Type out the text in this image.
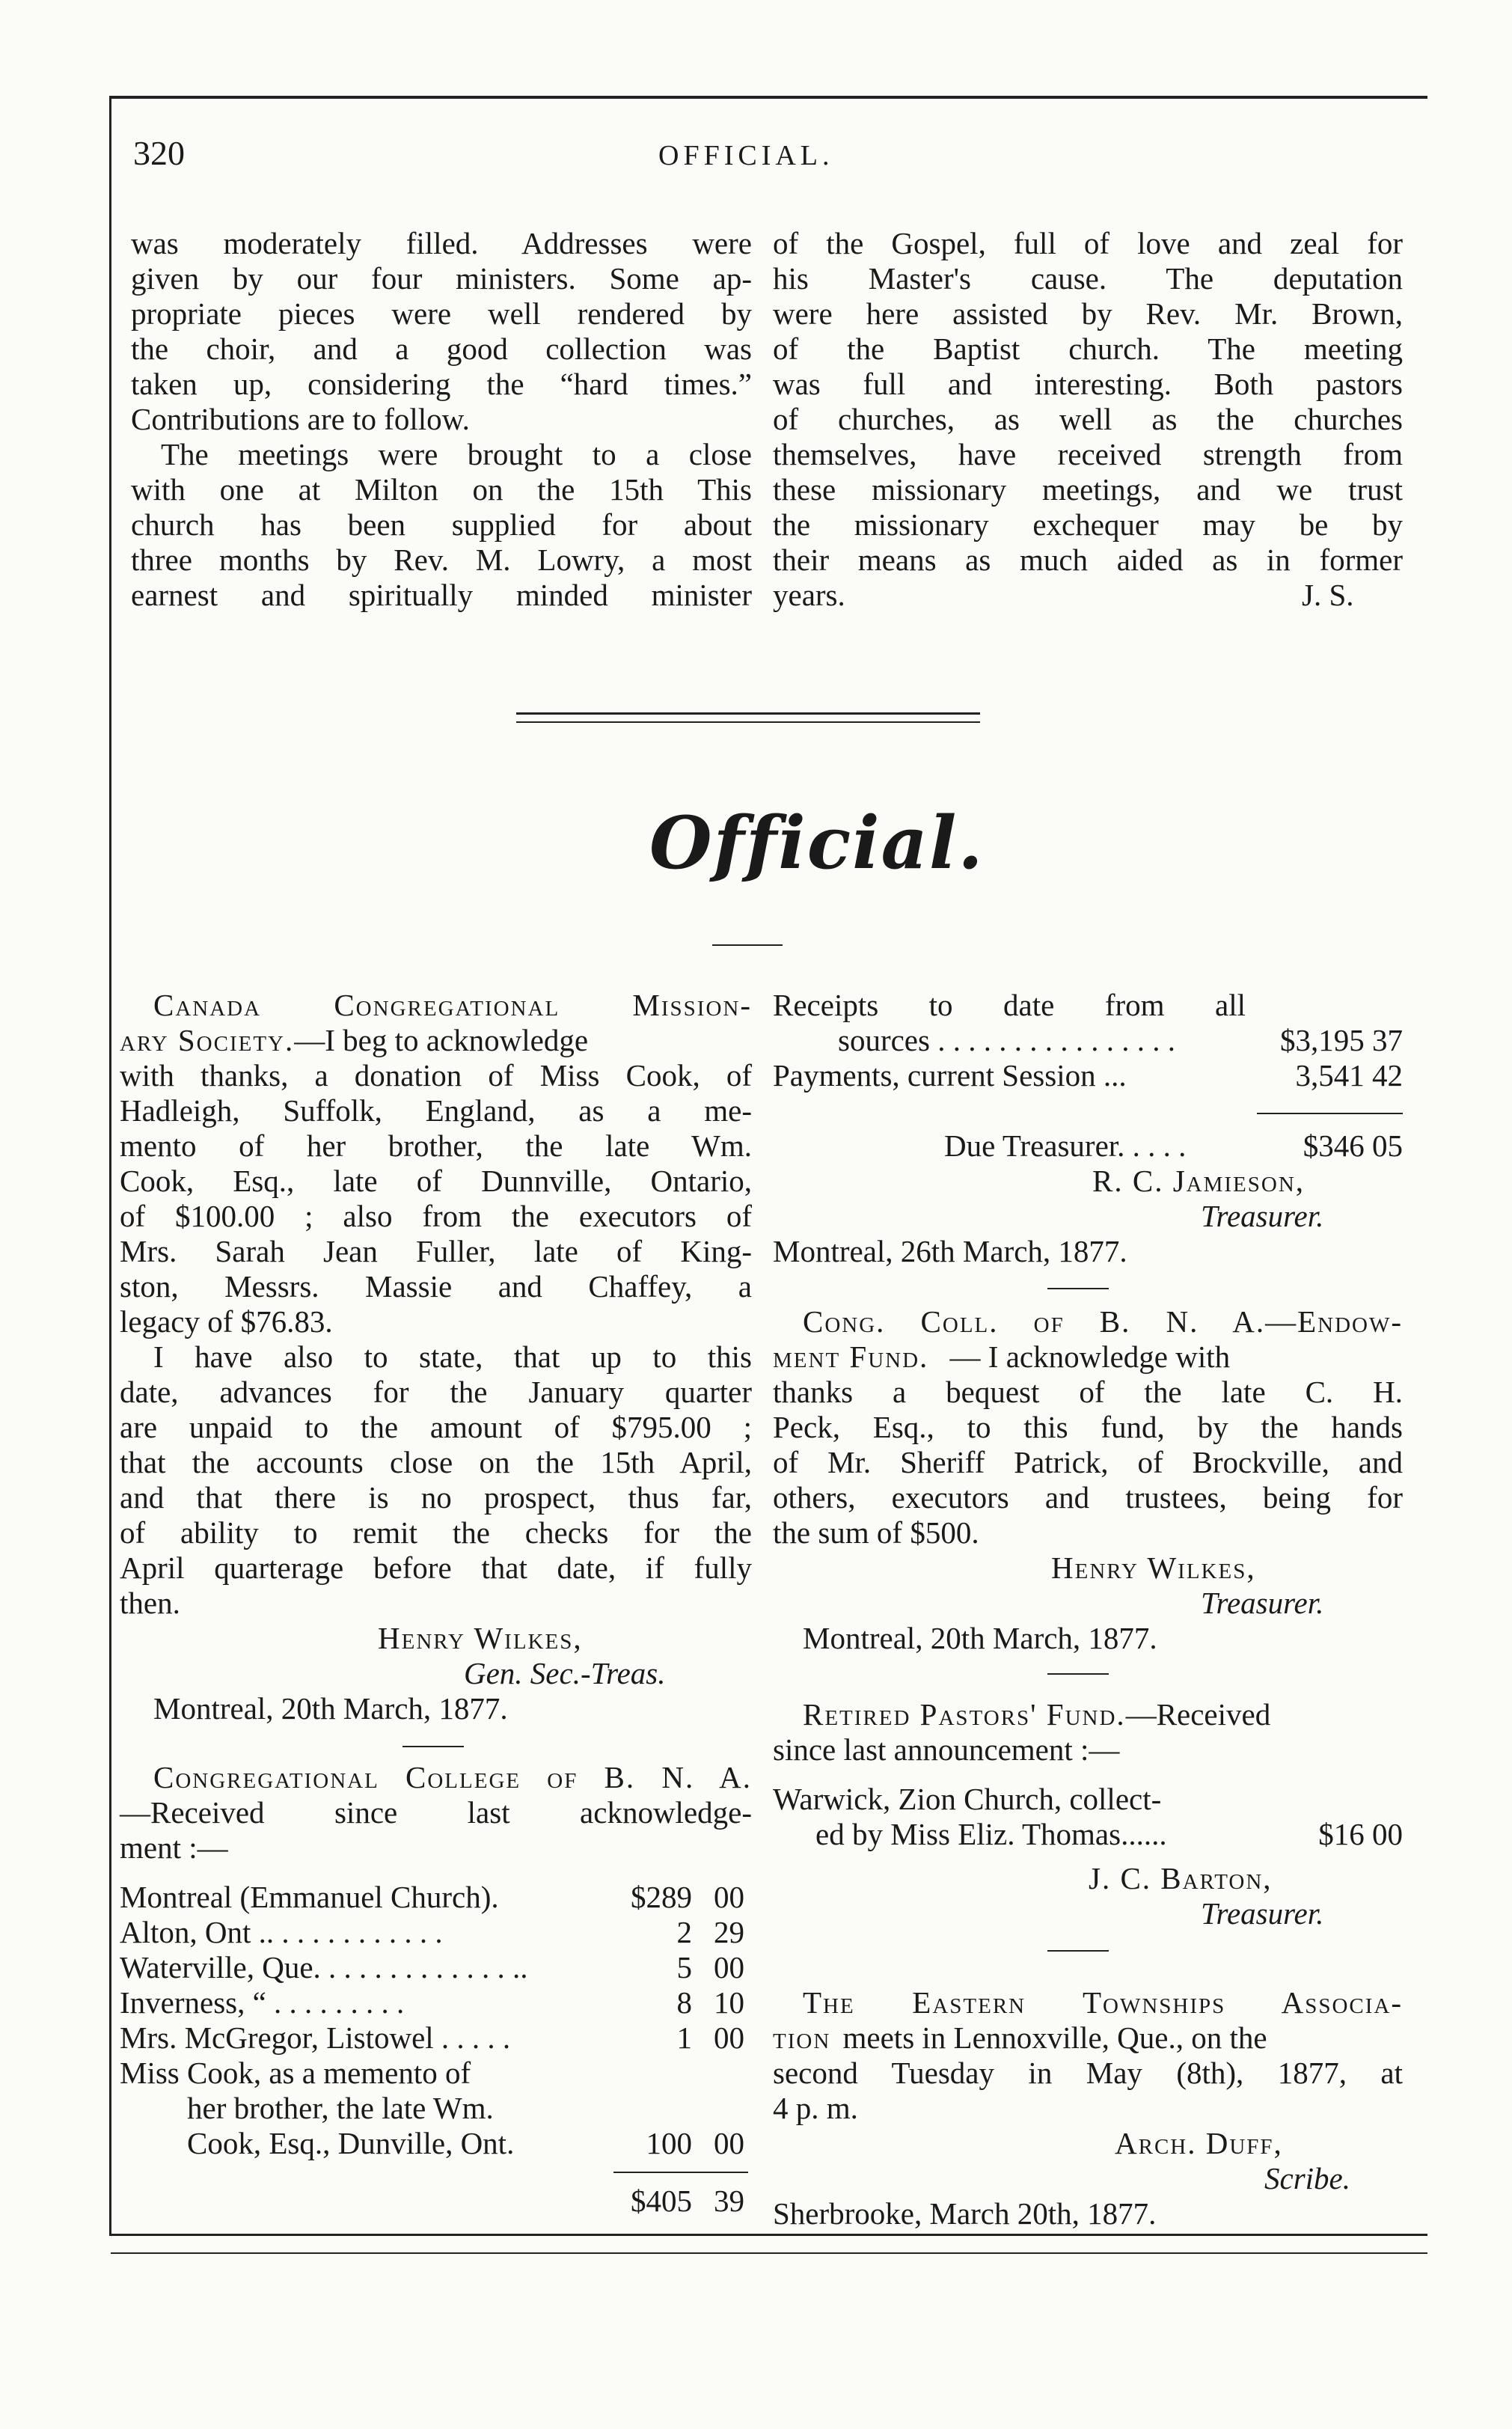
320	OFFICIAL.
was moderately filled. Addresses were
given by our four ministers. Some ap-
propriate pieces were well rendered by
the choir, and a good collection was
taken up, considering the “hard times.”
Contributions are to follow.
The meetings were brought to a close
with one at Milton on the 15th This
church has been supplied for about
three months by Rev. M. Lowry, a most
earnest and spiritually minded minister
of the Gospel, full of love and zeal for
his Master's cause. The deputation
were here assisted by Rev. Mr. Brown,
of the Baptist church. The meeting
was full and interesting. Both pastors
of churches, as well as the churches
themselves, have received strength from
these missionary meetings, and we trust
the missionary exchequer may be by
their means as much aided as in former
years.	J. S.
Official.
Canada Congregational Mission-
ary Society.—I beg to acknowledge
with thanks, a donation of Miss Cook, of
Hadleigh, Suffolk, England, as a me-
mento of her brother, the late Wm.
Cook, Esq., late of Dunnville, Ontario,
of $100.00 ; also from the executors of
Mrs. Sarah Jean Fuller, late of King-
ston, Messrs. Massie and Chaffey, a
legacy of $76.83.
I have also to state, that up to this
date, advances for the January quarter
are unpaid to the amount of $795.00 ;
that the accounts close on the 15th April,
and that there is no prospect, thus far,
of ability to remit the checks for the
April quarterage before that date, if fully
then.
Henry Wilkes,
Gen. Sec.-Treas.
Montreal, 20th March, 1877.
Congregational College of B. N. A.
—Received since last acknowledge-
ment :—
Montreal (Emmanuel Church).	$289 00
Alton, Ont .. . . . . . . . . . . .	2 29
Waterville, Que. . . . . . . . . . . . . ..	5 00
Inverness, “ . . . . . . . . .	8 10
Mrs. McGregor, Listowel . . . . .	1 00
Miss Cook, as a memento of
her brother, the late Wm.
Cook, Esq., Dunville, Ont.	100 00
$405 39
Receipts to date from all
sources . . . . . . . . . . . . . . . .	$3,195 37
Payments, current Session ...	3,541 42
Due Treasurer. . . . .	$346 05
R. C. Jamieson,
Treasurer.
Montreal, 26th March, 1877.
Cong. Coll. of B. N. A.—Endow-
ment Fund. — I acknowledge with
thanks a bequest of the late C. H.
Peck, Esq., to this fund, by the hands
of Mr. Sheriff Patrick, of Brockville, and
others, executors and trustees, being for
the sum of $500.
Henry Wilkes,
Treasurer.
Montreal, 20th March, 1877.
Retired Pastors' Fund.—Received
since last announcement :—
Warwick, Zion Church, collect-
ed by Miss Eliz. Thomas......	$16 00
J. C. Barton,
Treasurer.
The Eastern Townships Associa-
tion meets in Lennoxville, Que., on the
second Tuesday in May (8th), 1877, at
4 p. m.
Arch. Duff,
Scribe.
Sherbrooke, March 20th, 1877.
